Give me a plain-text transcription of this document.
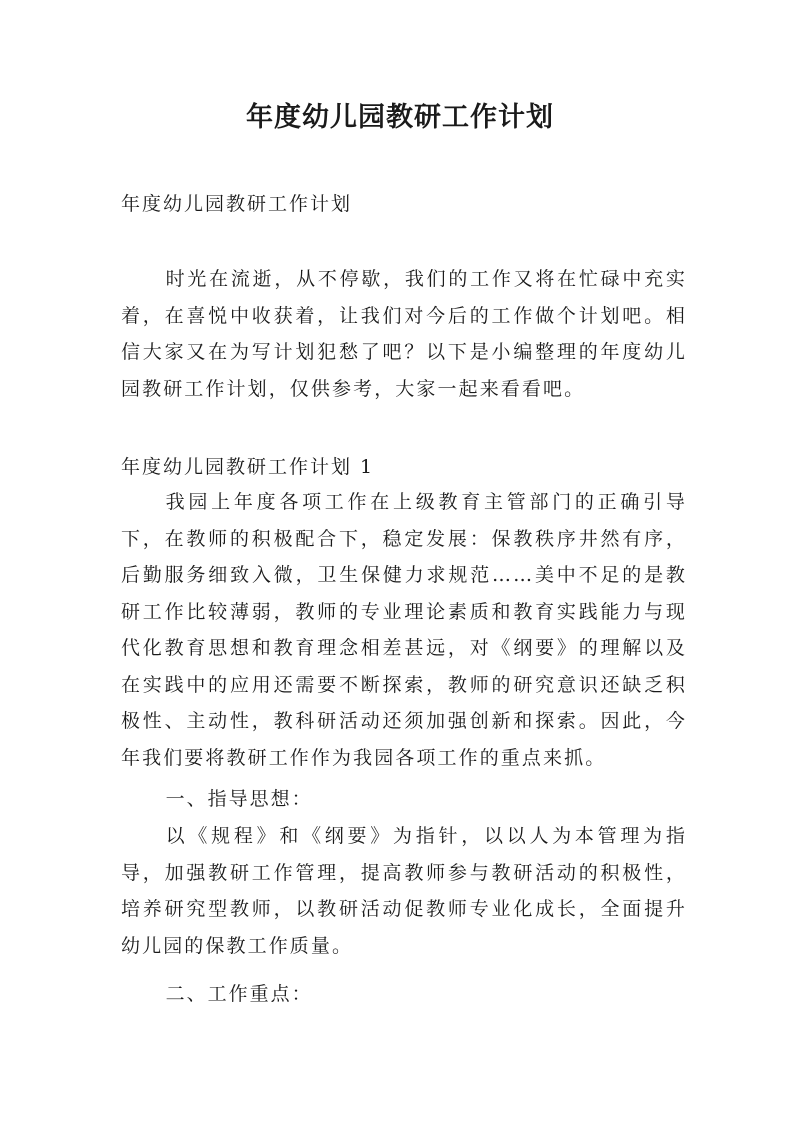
年度幼儿园教研工作计划

年度幼儿园教研工作计划

时光在流逝，从不停歇，我们的工作又将在忙碌中充实着，在喜悦中收获着，让我们对今后的工作做个计划吧。相信大家又在为写计划犯愁了吧？以下是小编整理的年度幼儿园教研工作计划，仅供参考，大家一起来看看吧。

年度幼儿园教研工作计划 1

我园上年度各项工作在上级教育主管部门的正确引导下，在教师的积极配合下，稳定发展：保教秩序井然有序，后勤服务细致入微，卫生保健力求规范……美中不足的是教研工作比较薄弱，教师的专业理论素质和教育实践能力与现代化教育思想和教育理念相差甚远，对《纲要》的理解以及在实践中的应用还需要不断探索，教师的研究意识还缺乏积极性、主动性，教科研活动还须加强创新和探索。因此，今年我们要将教研工作作为我园各项工作的重点来抓。

一、指导思想：

以《规程》和《纲要》为指针，以以人为本管理为指导，加强教研工作管理，提高教师参与教研活动的积极性，培养研究型教师，以教研活动促教师专业化成长，全面提升幼儿园的保教工作质量。

二、工作重点：
